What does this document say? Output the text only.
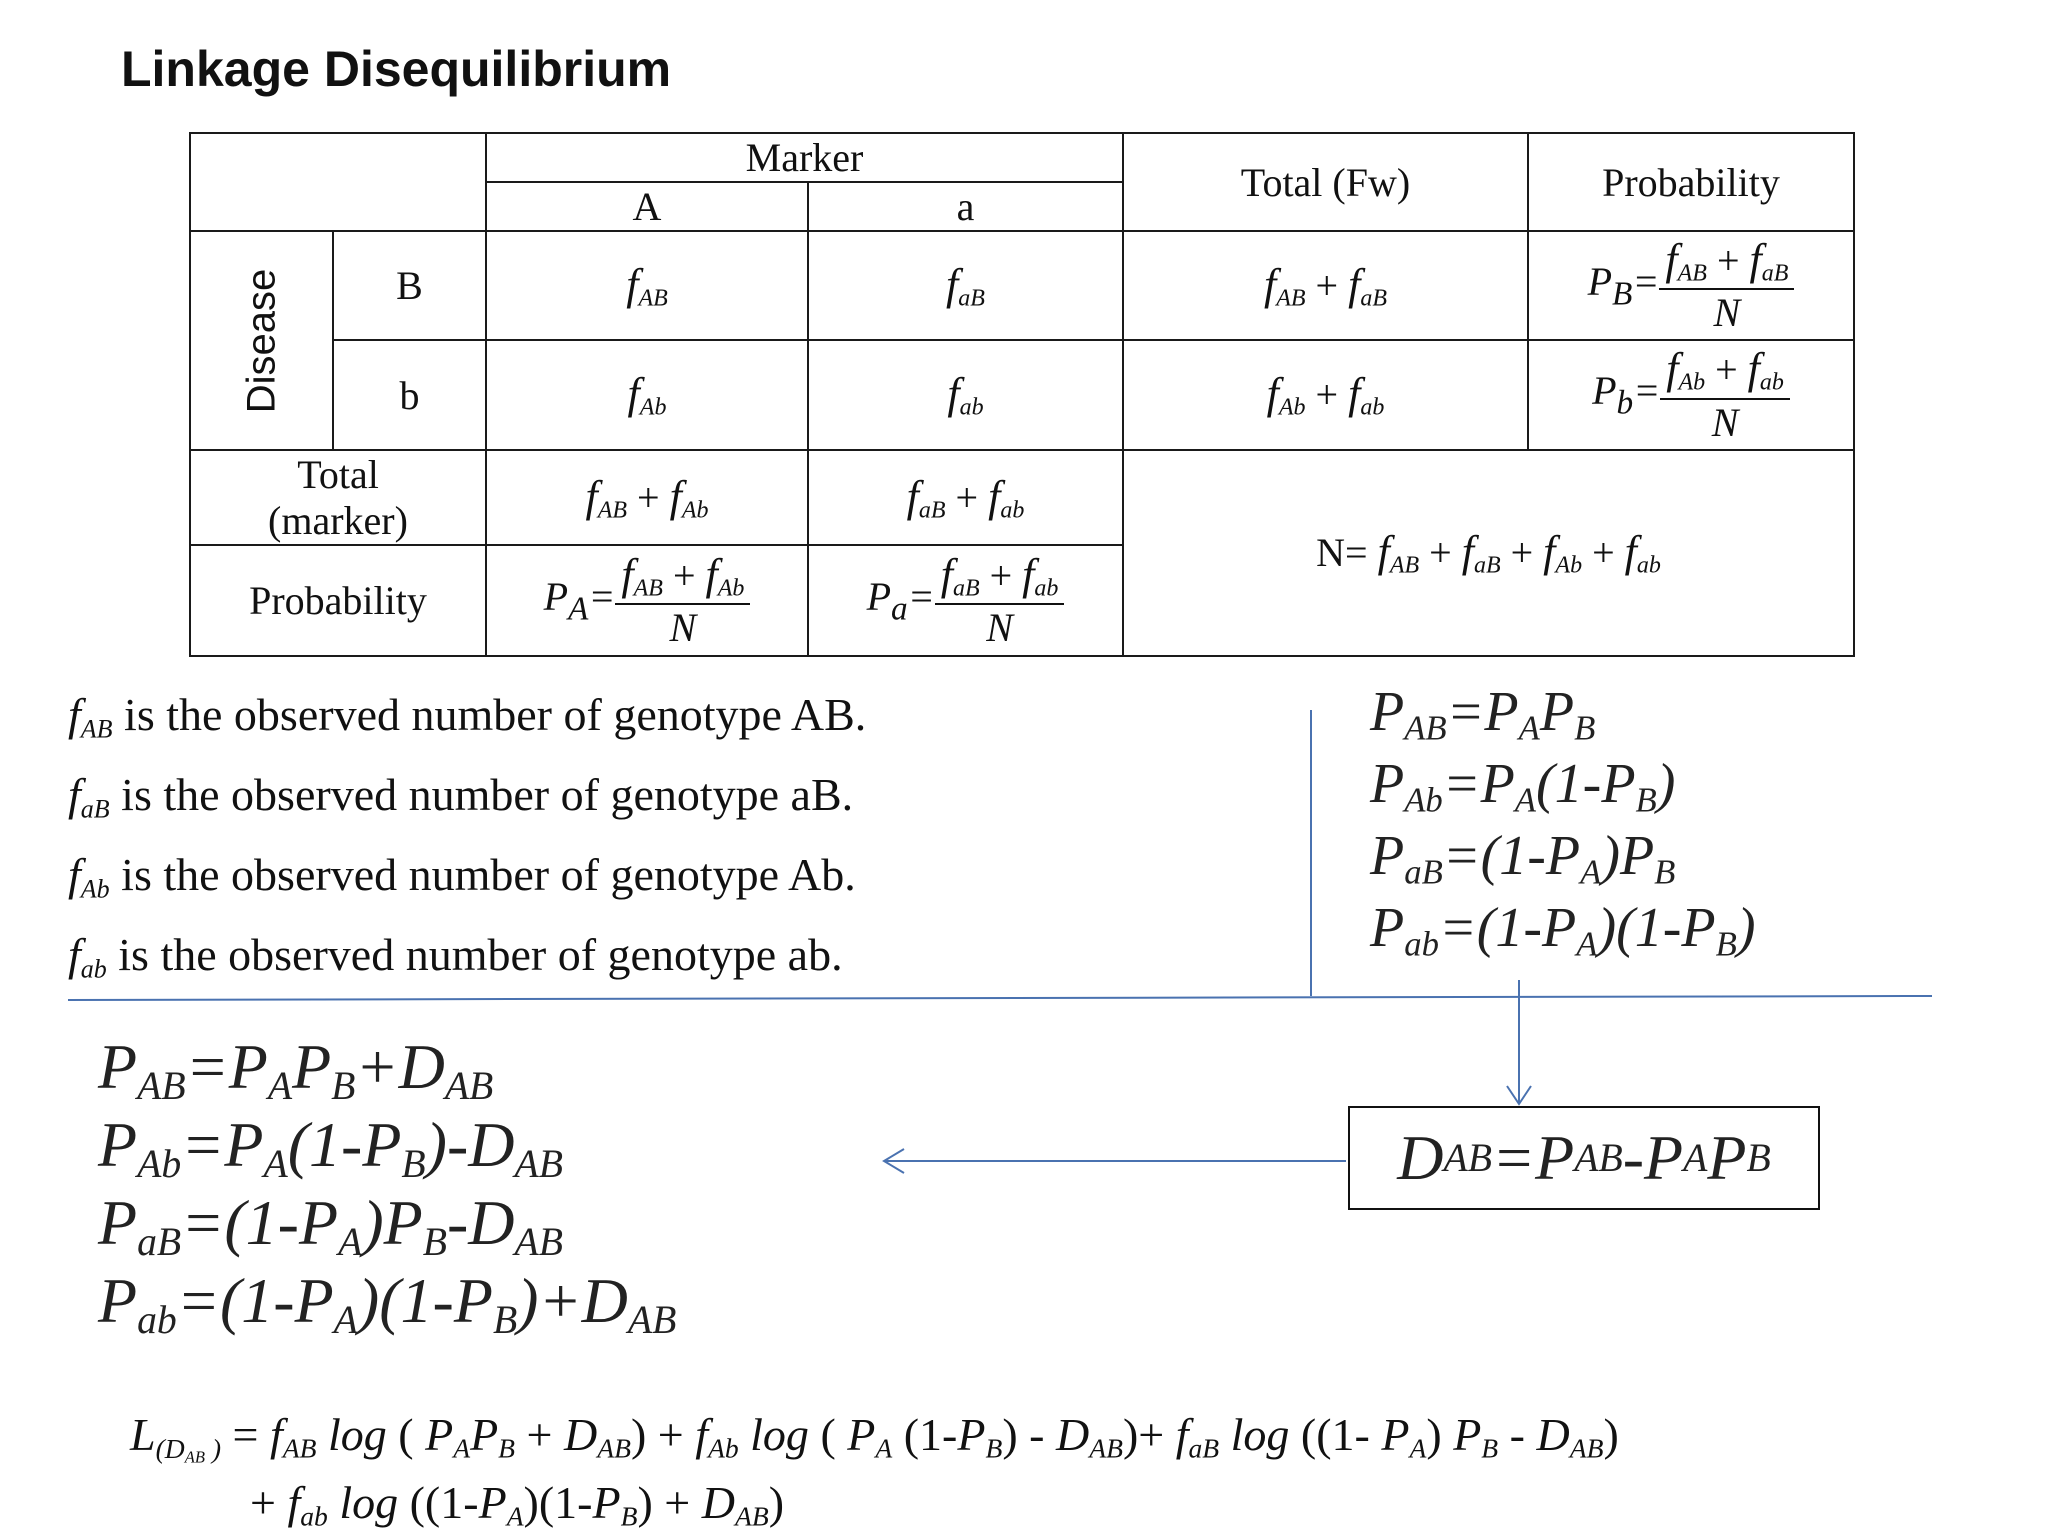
Linkage Disequilibrium
		Marker		Total (Fw)	Probability
		A	a		

Disease	B	$f_{AB}$	$f_{aB}$	$f_{AB} + f_{aB}$	$P_B= \frac{f_{AB} + f_{aB}}{N}$

	b	$f_{Ab}$	$f_{ab}$	$f_{Ab} + f_{ab}$	$P_b= \frac{f_{Ab} + f_{ab}}{N}$

Total
(marker)		$f_{AB} + f_{Ab}$	$f_{aB} + f_{ab}$	$N= f_{AB} + f_{aB} + f_{Ab} + f_{ab}$
Probability		$P_A= \frac{f_{AB} + f_{Ab}}{N}$	$P_a= \frac{f_{aB} + f_{ab}}{N}$
$f_{AB}$ is the observed number of genotype AB.
$f_{aB}$ is the observed number of genotype aB.
$f_{Ab}$ is the observed number of genotype Ab.
$f_{ab}$ is the observed number of genotype ab.
$P_{AB}=P_AP_B$
$P_{Ab}=P_A(1-P_B)$
$P_{aB}=(1-P_A)P_B$
$P_{ab}=(1-P_A)(1-P_B)$
$P_{AB}=P_AP_B+D_{AB}$
$P_{Ab}=P_A(1-P_B)-D_{AB}$
$P_{aB}=(1-P_A)P_B-D_{AB}$
$P_{ab}=(1-P_A)(1-P_B)+D_{AB}$
D AB =P AB -P A P B
$L_{(D_{AB} )} = f_{AB}$ log ( $P_AP_B + D_{AB}) + f_{Ab}$ log ( $P_A$ $(1-P_B) - D_{AB})+ f_{aB}$ log ((1- $P_A$) $P_B - D_{AB}$)
+ $f_{ab}$ $\log ((1-P_A)(1-P_B) + D_{AB})$
